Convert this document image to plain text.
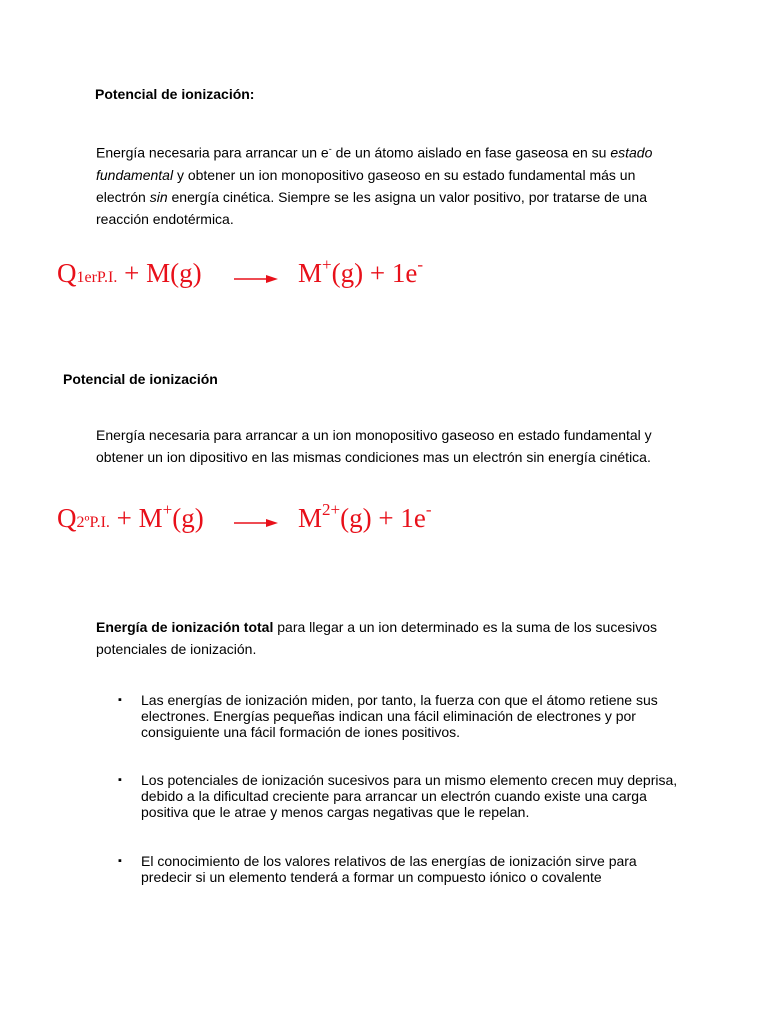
Potencial de ionización:
Energía necesaria para arrancar un e- de un átomo aislado en fase gaseosa en su estado fundamental y obtener un ion monopositivo gaseoso en su estado fundamental más un electrón sin energía cinética. Siempre se les asigna un valor positivo, por tratarse de una reacción endotérmica.
Q1erP.I. + M(g) → M+(g) + 1e-
Potencial de ionización
Energía necesaria para arrancar a un ion monopositivo gaseoso en estado fundamental y obtener un ion dipositivo en las mismas condiciones mas un electrón sin energía cinética.
Q2ºP.I. + $M^+(g) \to M^{2+}(g) + 1e^-$
Energía de ionización total para llegar a un ion determinado es la suma de los sucesivos potenciales de ionización.
▪ Las energías de ionización miden, por tanto, la fuerza con que el átomo retiene sus electrones. Energías pequeñas indican una fácil eliminación de electrones y por consiguiente una fácil formación de iones positivos.
▪ Los potenciales de ionización sucesivos para un mismo elemento crecen muy deprisa, debido a la dificultad creciente para arrancar un electrón cuando existe una carga positiva que le atrae y menos cargas negativas que le repelan.
▪ El conocimiento de los valores relativos de las energías de ionización sirve para predecir si un elemento tenderá a formar un compuesto iónico o covalente
